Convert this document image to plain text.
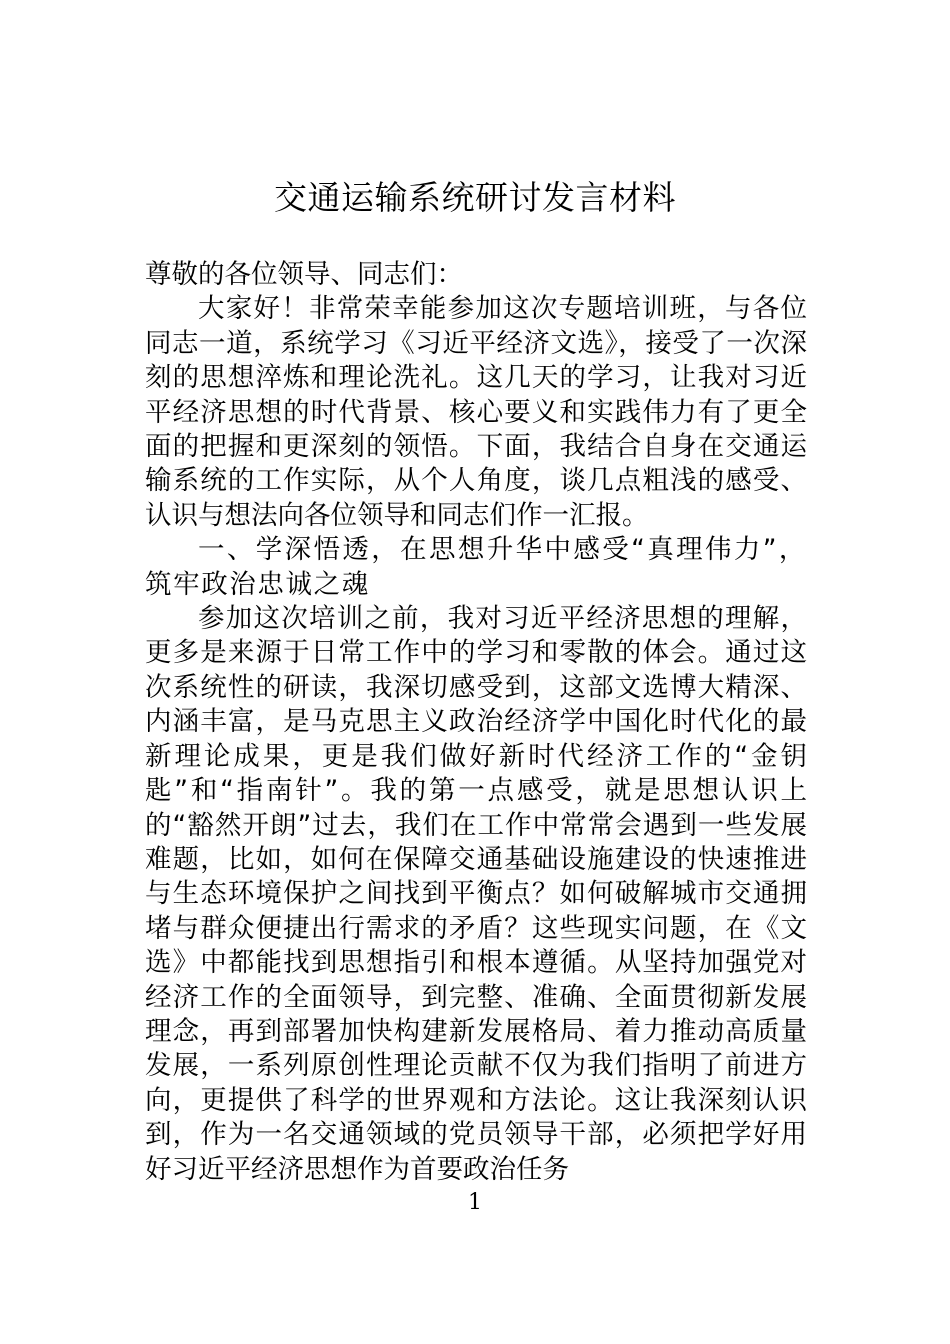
交通运输系统研讨发言材料

尊敬的各位领导、同志们：

大家好！非常荣幸能参加这次专题培训班，与各位同志一道，系统学习《习近平经济文选》，接受了一次深刻的思想淬炼和理论洗礼。这几天的学习，让我对习近平经济思想的时代背景、核心要义和实践伟力有了更全面的把握和更深刻的领悟。下面，我结合自身在交通运输系统的工作实际，从个人角度，谈几点粗浅的感受、认识与想法向各位领导和同志们作一汇报。

一、学深悟透，在思想升华中感受“真理伟力”，筑牢政治忠诚之魂

参加这次培训之前，我对习近平经济思想的理解，更多是来源于日常工作中的学习和零散的体会。通过这次系统性的研读，我深切感受到，这部文选博大精深、内涵丰富，是马克思主义政治经济学中国化时代化的最新理论成果，更是我们做好新时代经济工作的“金钥匙”和“指南针”。我的第一点感受，就是思想认识上的“豁然开朗”过去，我们在工作中常常会遇到一些发展难题，比如，如何在保障交通基础设施建设的快速推进与生态环境保护之间找到平衡点？如何破解城市交通拥堵与群众便捷出行需求的矛盾？这些现实问题，在《文选》中都能找到思想指引和根本遵循。从坚持加强党对经济工作的全面领导，到完整、准确、全面贯彻新发展理念，再到部署加快构建新发展格局、着力推动高质量发展，一系列原创性理论贡献不仅为我们指明了前进方向，更提供了科学的世界观和方法论。这让我深刻认识到，作为一名交通领域的党员领导干部，必须把学好用好习近平经济思想作为首要政治任务

1
